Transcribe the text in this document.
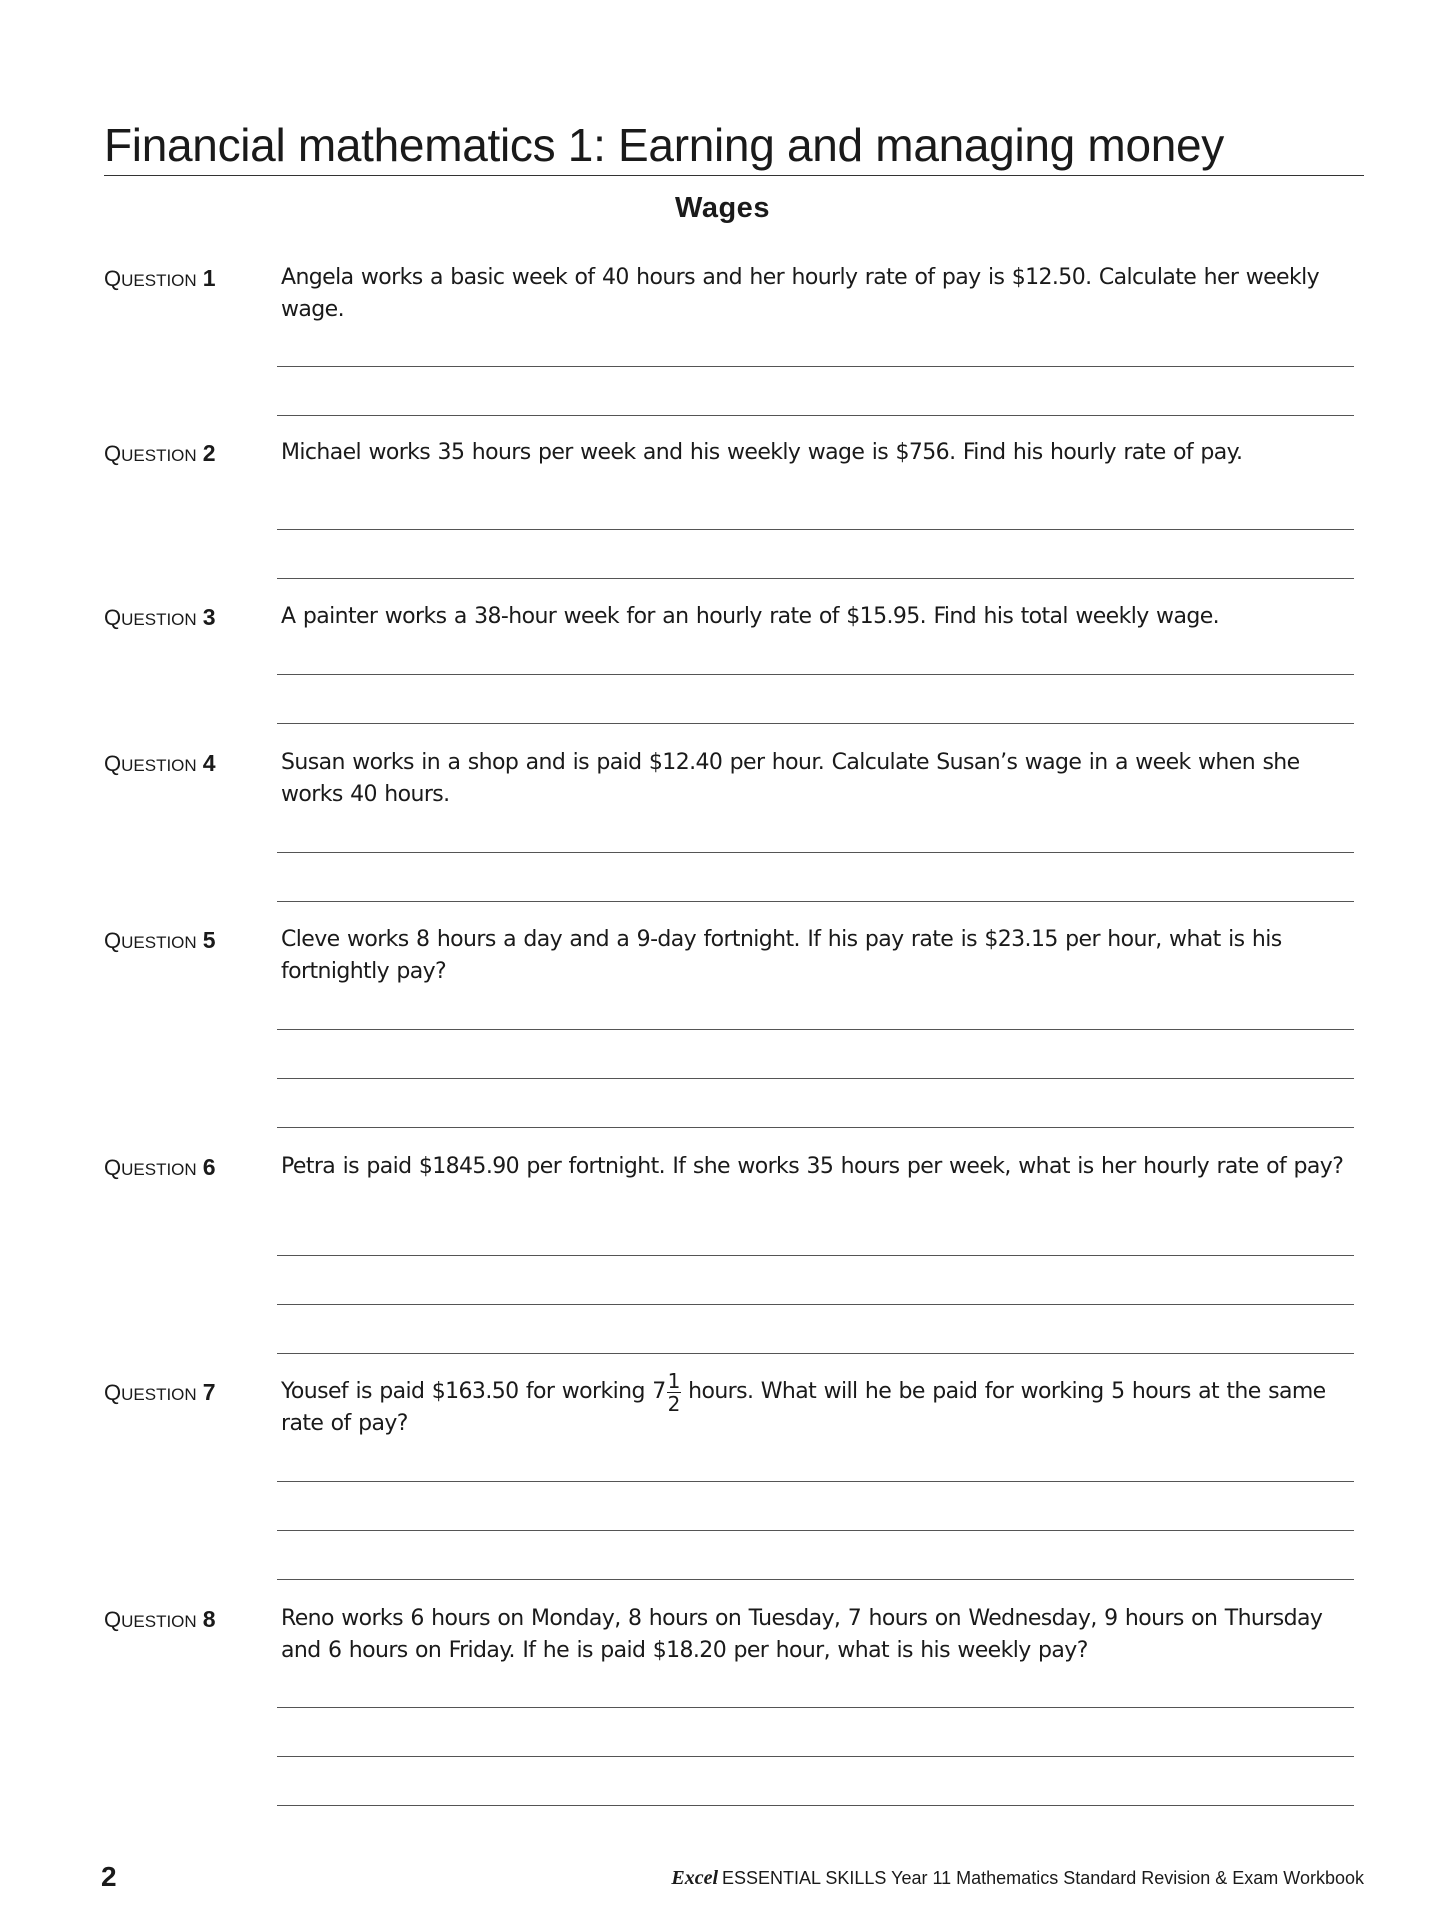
Financial mathematics 1: Earning and managing money
Wages
QUESTION 1	Angela works a basic week of 40 hours and her hourly rate of pay is $12.50. Calculate her weekly wage.
QUESTION 2	Michael works 35 hours per week and his weekly wage is $756. Find his hourly rate of pay.
QUESTION 3	A painter works a 38-hour week for an hourly rate of $15.95. Find his total weekly wage.
QUESTION 4	Susan works in a shop and is paid $12.40 per hour. Calculate Susan’s wage in a week when she works 40 hours.
QUESTION 5	Cleve works 8 hours a day and a 9-day fortnight. If his pay rate is $23.15 per hour, what is his fortnightly pay?
QUESTION 6	Petra is paid $1845.90 per fortnight. If she works 35 hours per week, what is her hourly rate of pay?
QUESTION 7	Yousef is paid $163.50 for working $7 \frac{1}{2}$ hours. What will he be paid for working 5 hours at the same rate of pay?
QUESTION 8	Reno works 6 hours on Monday, 8 hours on Tuesday, 7 hours on Wednesday, 9 hours on Thursday and 6 hours on Friday. If he is paid $18.20 per hour, what is his weekly pay?
2	Excel ESSENTIAL SKILLS Year 11 Mathematics Standard Revision & Exam Workbook
